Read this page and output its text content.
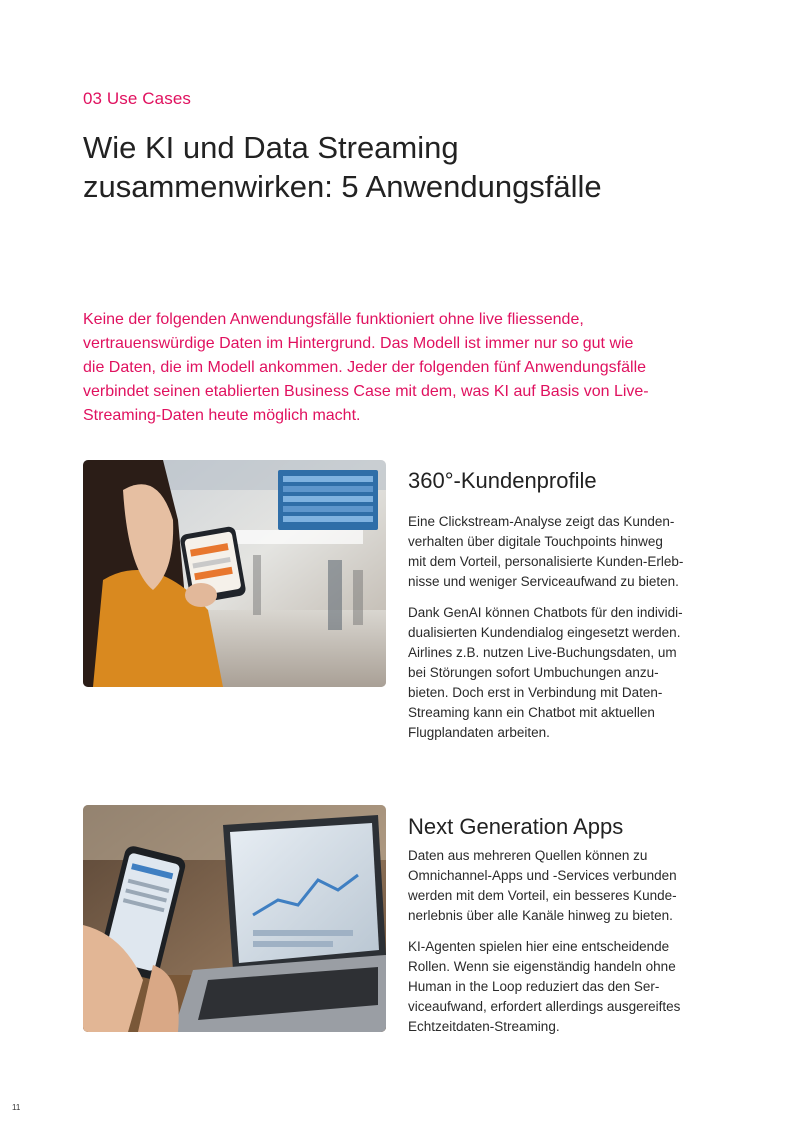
03 Use Cases
Wie KI und Data Streaming
zusammenwirken: 5 Anwendungsfälle

Keine der folgenden Anwendungsfälle funktioniert ohne live fliessende,
vertrauenswürdige Daten im Hintergrund. Das Modell ist immer nur so gut wie
die Daten, die im Modell ankommen. Jeder der folgenden fünf Anwendungsfälle
verbindet seinen etablierten Business Case mit dem, was KI auf Basis von Live-
Streaming-Daten heute möglich macht.

360°-Kundenprofile

Eine Clickstream-Analyse zeigt das Kunden-
verhalten über digitale Touchpoints hinweg
mit dem Vorteil, personalisierte Kunden-Erleb-
nisse und weniger Serviceaufwand zu bieten.

Dank GenAI können Chatbots für den individi-
dualisierten Kundendialog eingesetzt werden.
Airlines z.B. nutzen Live-Buchungsdaten, um
bei Störungen sofort Umbuchungen anzu-
bieten. Doch erst in Verbindung mit Daten-
Streaming kann ein Chatbot mit aktuellen
Flugplandaten arbeiten.

Next Generation Apps

Daten aus mehreren Quellen können zu
Omnichannel-Apps und -Services verbunden
werden mit dem Vorteil, ein besseres Kunde-
nerlebnis über alle Kanäle hinweg zu bieten.

KI-Agenten spielen hier eine entscheidende
Rollen. Wenn sie eigenständig handeln ohne
Human in the Loop reduziert das den Ser-
viceaufwand, erfordert allerdings ausgereiftes
Echtzeitdaten-Streaming.

11
